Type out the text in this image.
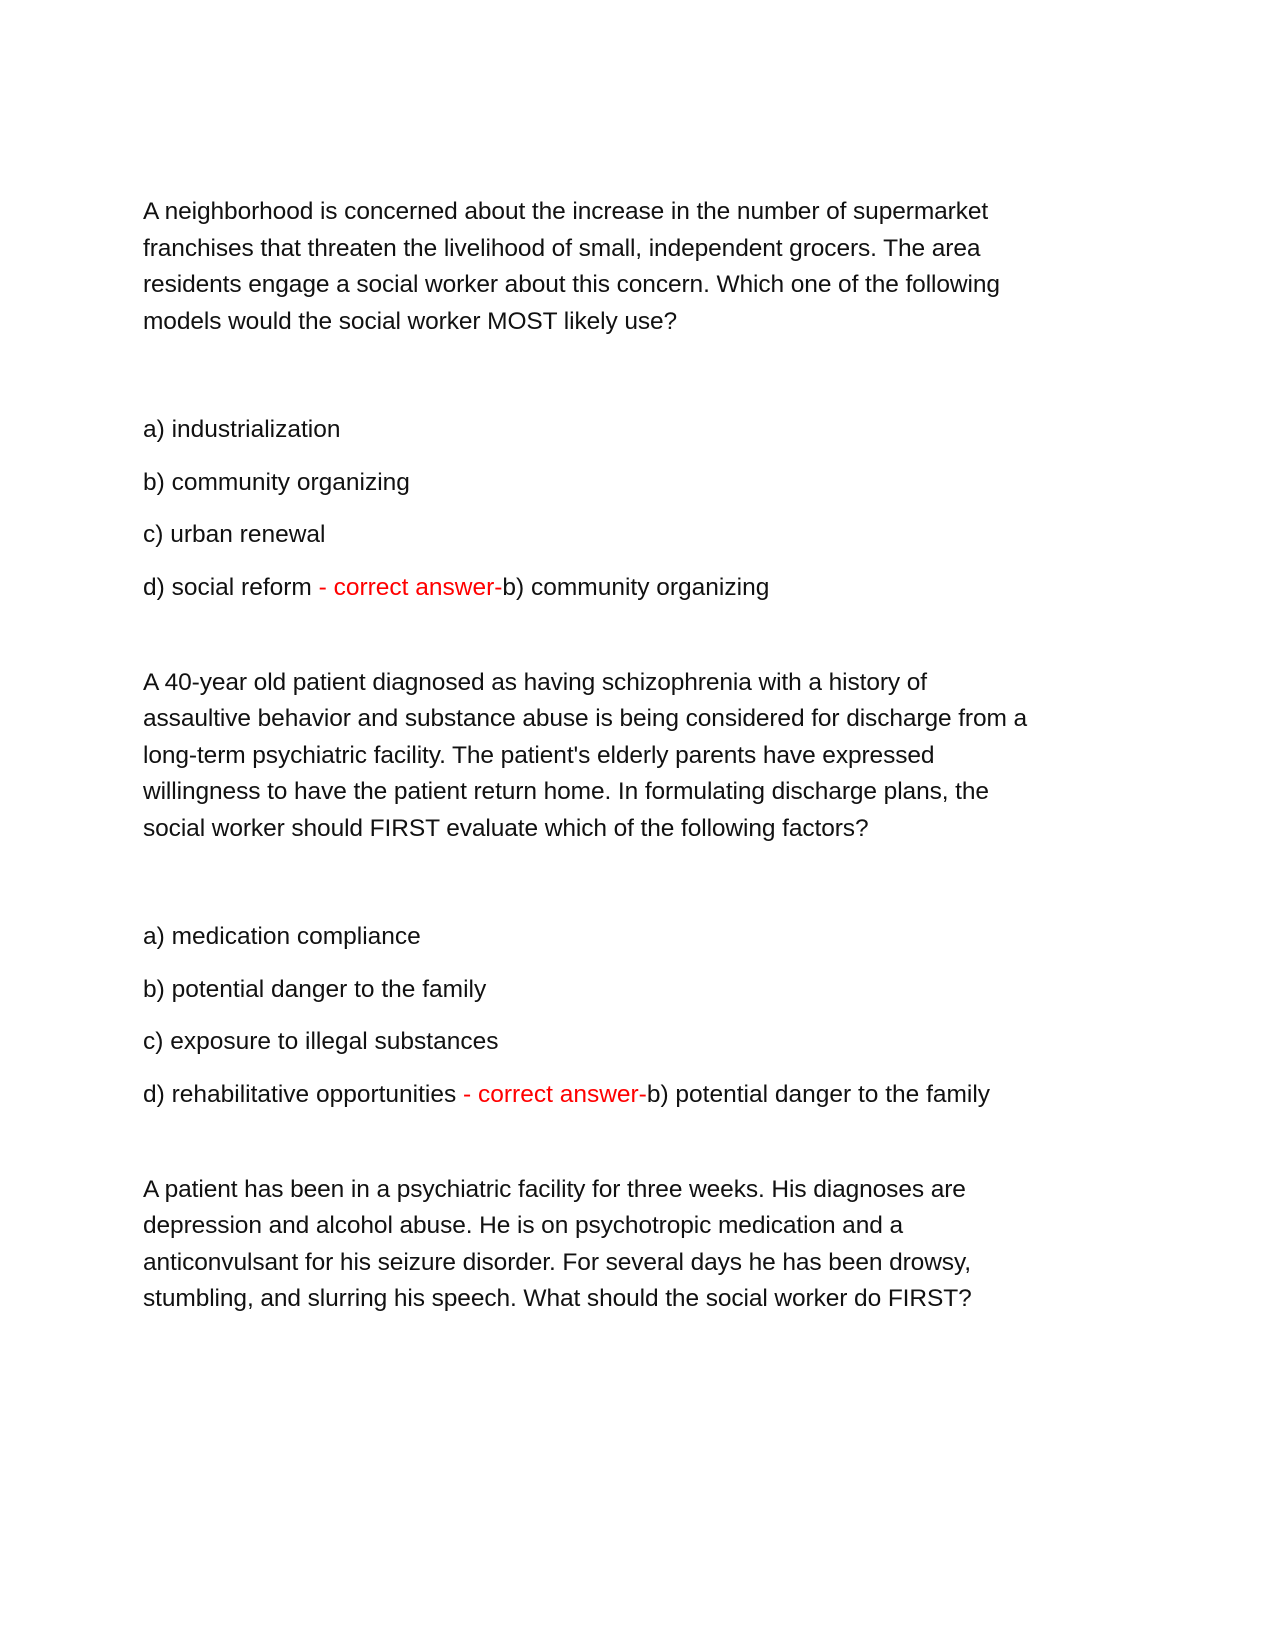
A neighborhood is concerned about the increase in the number of supermarket
franchises that threaten the livelihood of small, independent grocers. The area
residents engage a social worker about this concern. Which one of the following
models would the social worker MOST likely use?

a) industrialization

b) community organizing

c) urban renewal

d) social reform - correct answer-b) community organizing

A 40-year old patient diagnosed as having schizophrenia with a history of
assaultive behavior and substance abuse is being considered for discharge from a
long-term psychiatric facility. The patient's elderly parents have expressed
willingness to have the patient return home. In formulating discharge plans, the
social worker should FIRST evaluate which of the following factors?

a) medication compliance

b) potential danger to the family

c) exposure to illegal substances

d) rehabilitative opportunities - correct answer-b) potential danger to the family

A patient has been in a psychiatric facility for three weeks. His diagnoses are
depression and alcohol abuse. He is on psychotropic medication and a
anticonvulsant for his seizure disorder. For several days he has been drowsy,
stumbling, and slurring his speech. What should the social worker do FIRST?
